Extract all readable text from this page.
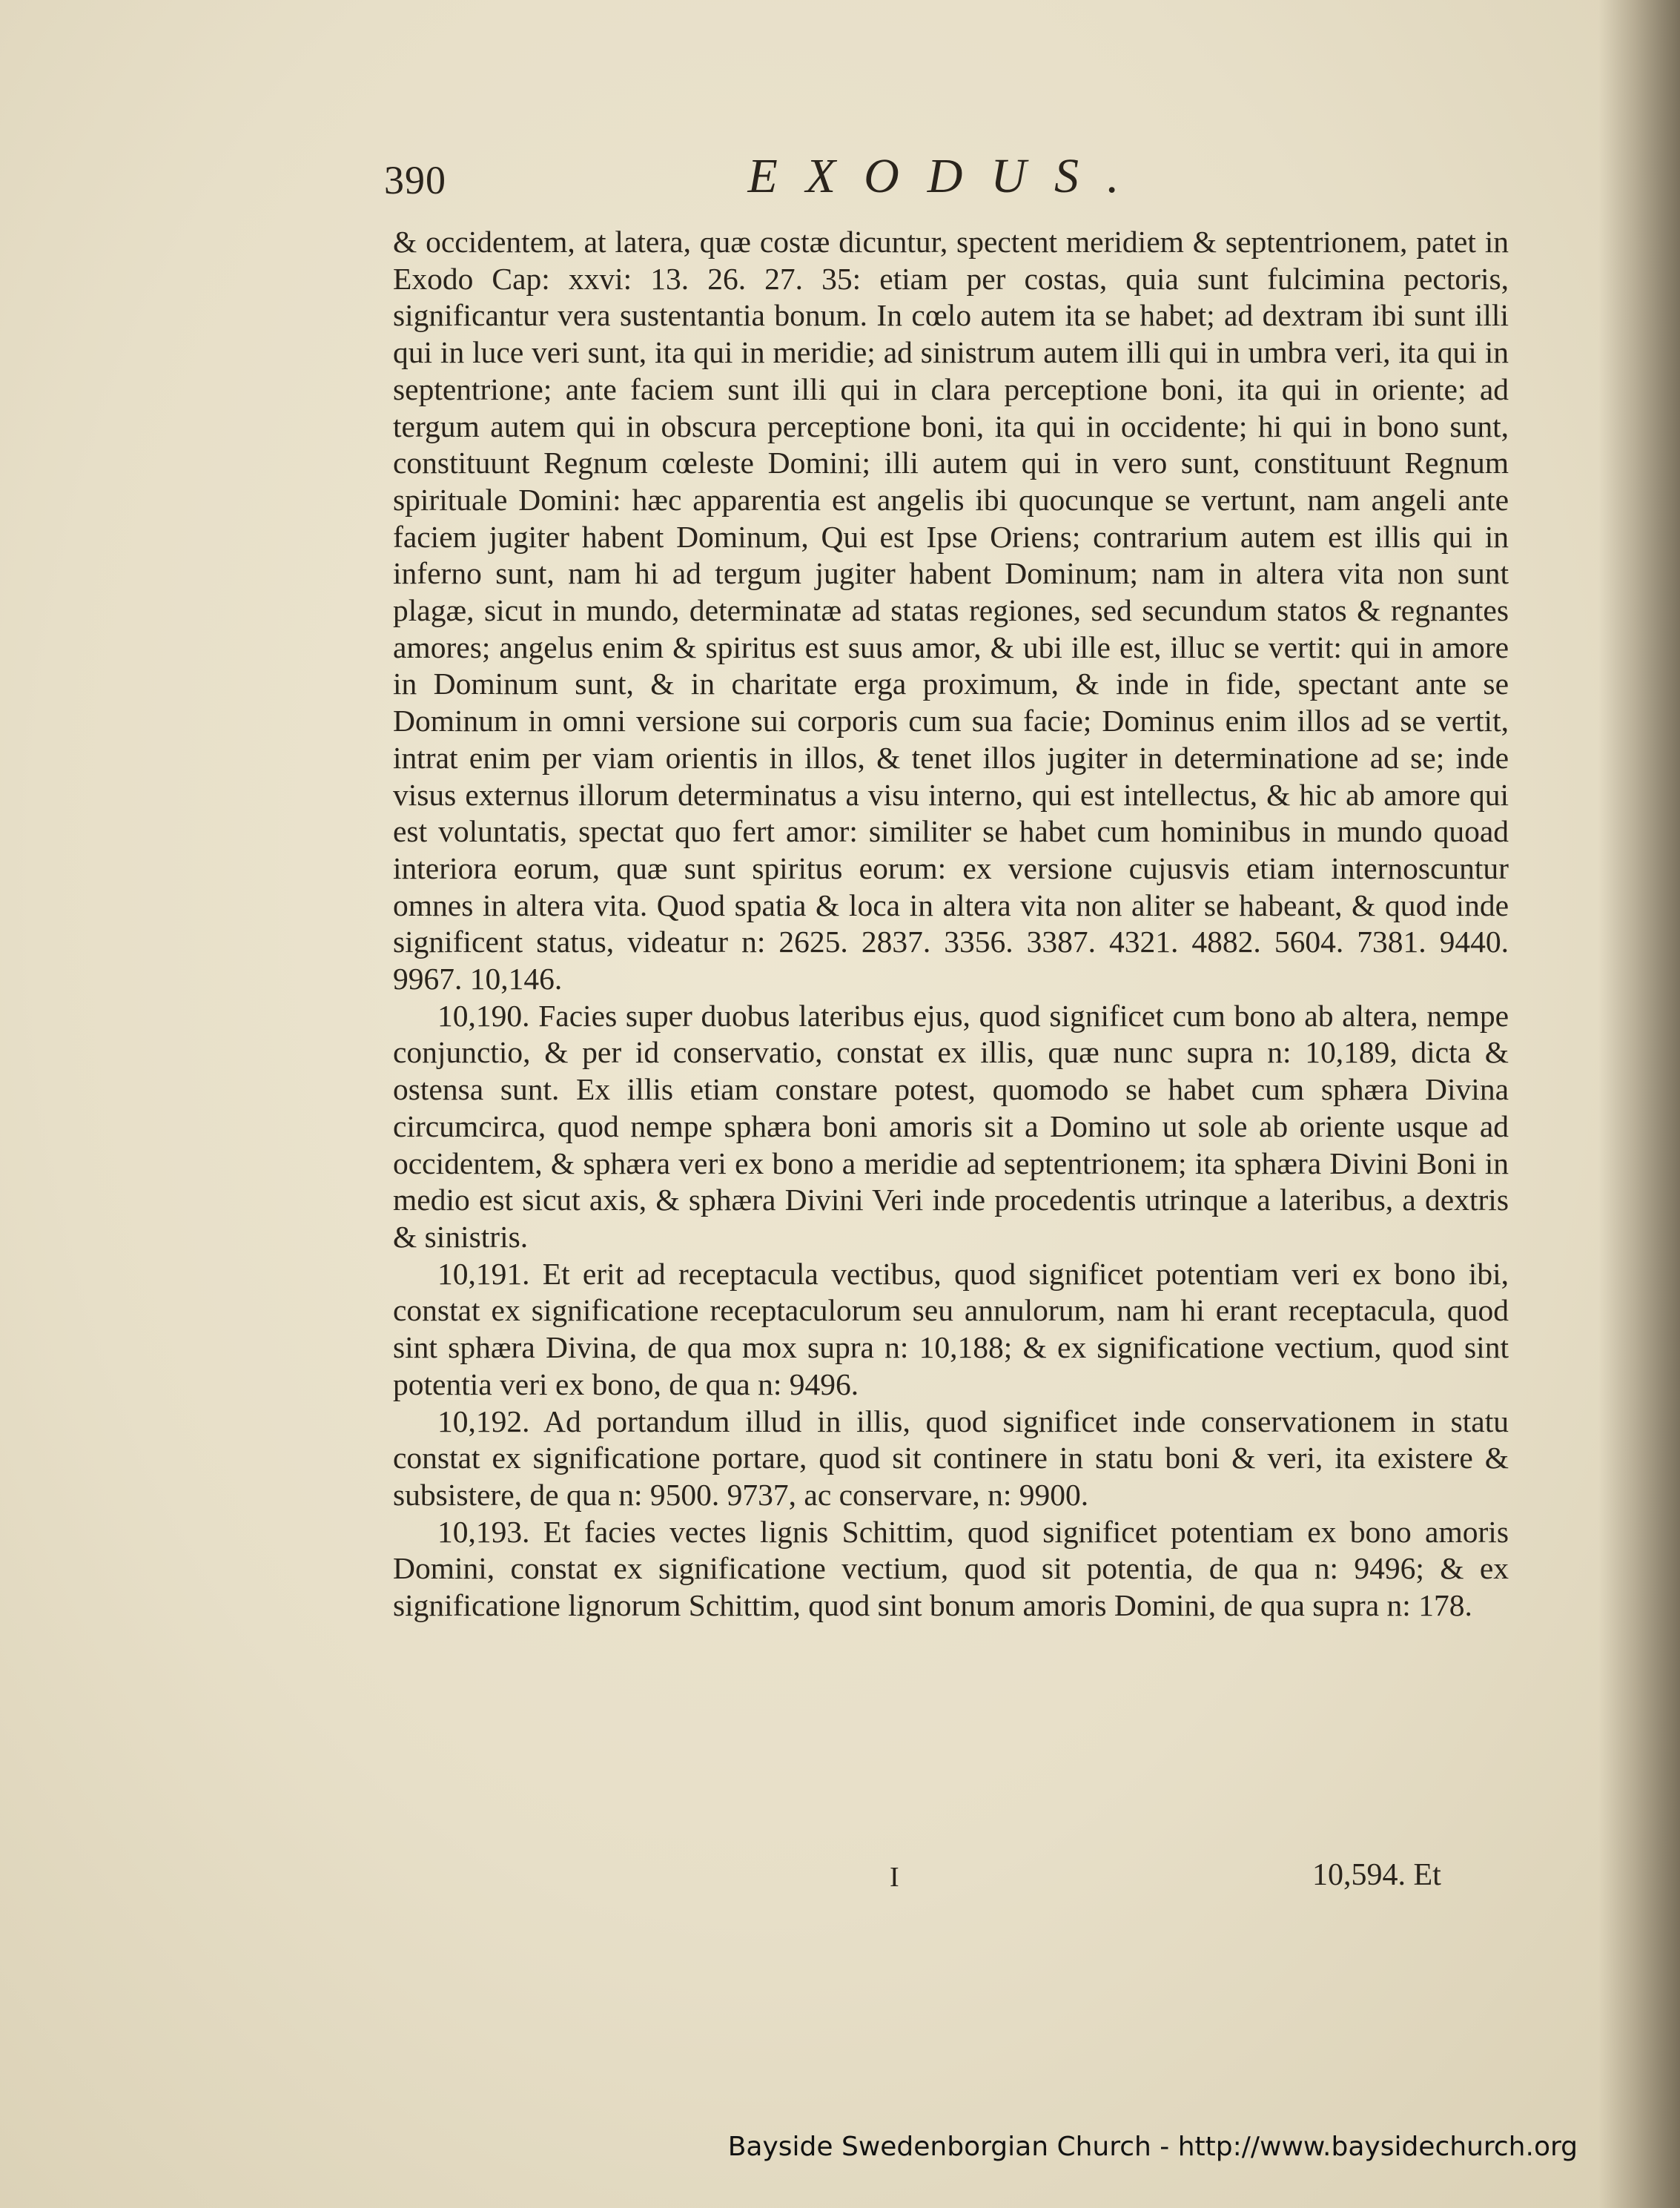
390	EXODUS.

& occidentem, at latera, quæ costæ dicuntur, spectent meridiem & septentrionem, patet in Exodo Cap: xxvi: 13. 26. 27. 35: etiam per costas, quia sunt fulcimina pectoris, significantur vera sustentantia bonum. In cœlo autem ita se habet; ad dextram ibi sunt illi qui in luce veri sunt, ita qui in meridie; ad sinistrum autem illi qui in umbra veri, ita qui in septentrione; ante faciem sunt illi qui in clara perceptione boni, ita qui in oriente; ad tergum autem qui in obscura perceptione boni, ita qui in occidente; hi qui in bono sunt, constituunt Regnum cœleste Domini; illi autem qui in vero sunt, constituunt Regnum spirituale Domini: hæc apparentia est angelis ibi quocunque se vertunt, nam angeli ante faciem jugiter habent Dominum, Qui est Ipse Oriens; contrarium autem est illis qui in inferno sunt, nam hi ad tergum jugiter habent Dominum; nam in altera vita non sunt plagæ, sicut in mundo, determinatæ ad statas regiones, sed secundum statos & regnantes amores; angelus enim & spiritus est suus amor, & ubi ille est, illuc se vertit: qui in amore in Dominum sunt, & in charitate erga proximum, & inde in fide, spectant ante se Dominum in omni versione sui corporis cum sua facie; Dominus enim illos ad se vertit, intrat enim per viam orientis in illos, & tenet illos jugiter in determinatione ad se; inde visus externus illorum determinatus a visu interno, qui est intellectus, & hic ab amore qui est voluntatis, spectat quo fert amor: similiter se habet cum hominibus in mundo quoad interiora eorum, quæ sunt spiritus eorum: ex versione cujusvis etiam internoscuntur omnes in altera vita. Quod spatia & loca in altera vita non aliter se habeant, & quod inde significent status, videatur n: 2625. 2837. 3356. 3387. 4321. 4882. 5604. 7381. 9440. 9967. 10,146.

10,190. Facies super duobus lateribus ejus, quod significet cum bono ab altera, nempe conjunctio, & per id conservatio, constat ex illis, quæ nunc supra n: 10,189, dicta & ostensa sunt. Ex illis etiam constare potest, quomodo se habet cum sphæra Divina circumcirca, quod nempe sphæra boni amoris sit a Domino ut sole ab oriente usque ad occidentem, & sphæra veri ex bono a meridie ad septentrionem; ita sphæra Divini Boni in medio est sicut axis, & sphæra Divini Veri inde procedentis utrinque a lateribus, a dextris & sinistris.

10,191. Et erit ad receptacula vectibus, quod significet potentiam veri ex bono ibi, constat ex significatione receptaculorum seu annulorum, nam hi erant receptacula, quod sint sphæra Divina, de qua mox supra n: 10,188; & ex significatione vectium, quod sint potentia veri ex bono, de qua n: 9496.

10,192. Ad portandum illud in illis, quod significet inde conservationem in statu constat ex significatione portare, quod sit continere in statu boni & veri, ita existere & subsistere, de qua n: 9500. 9737, ac conservare, n: 9900.

10,193. Et facies vectes lignis Schittim, quod significet potentiam ex bono amoris Domini, constat ex significatione vectium, quod sit potentia, de qua n: 9496; & ex significatione lignorum Schittim, quod sint bonum amoris Domini, de qua supra n: 178.

I	10,594. Et
Bayside Swedenborgian Church - http://www.baysidechurch.org
